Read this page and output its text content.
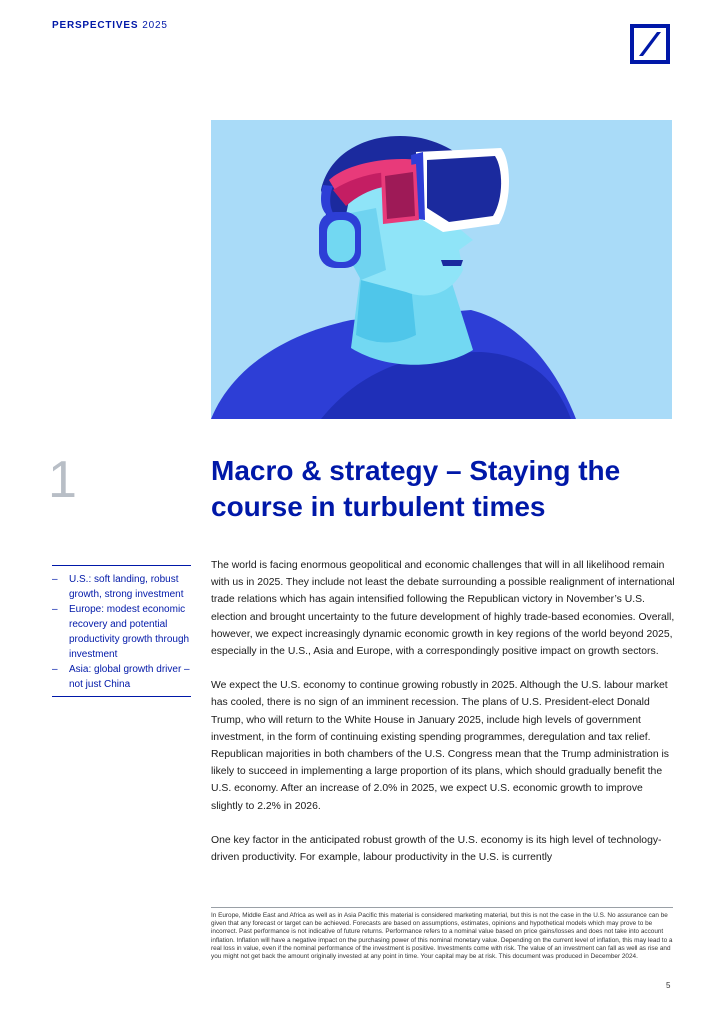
PERSPECTIVES 2025
1	Macro & strategy – Staying the course in turbulent times
– U.S.: soft landing, robust growth, strong investment
– Europe: modest economic recovery and potential productivity growth through investment
– Asia: global growth driver – not just China

The world is facing enormous geopolitical and economic challenges that will in all likelihood remain with us in 2025. They include not least the debate surrounding a possible realignment of international trade relations which has again intensified following the Republican victory in November’s U.S. election and brought uncertainty to the future development of highly trade-based economies. Overall, however, we expect increasingly dynamic economic growth in key regions of the world beyond 2025, especially in the U.S., Asia and Europe, with a correspondingly positive impact on growth sectors.

We expect the U.S. economy to continue growing robustly in 2025. Although the U.S. labour market has cooled, there is no sign of an imminent recession. The plans of U.S. President-elect Donald Trump, who will return to the White House in January 2025, include high levels of government investment, in the form of continuing existing spending programmes, deregulation and tax relief. Republican majorities in both chambers of the U.S. Congress mean that the Trump administration is likely to succeed in implementing a large proportion of its plans, which should gradually benefit the U.S. economy. After an increase of 2.0% in 2025, we expect U.S. economic growth to improve slightly to 2.2% in 2026.

One key factor in the anticipated robust growth of the U.S. economy is its high level of technology-driven productivity. For example, labour productivity in the U.S. is currently

In Europe, Middle East and Africa as well as in Asia Pacific this material is considered marketing material, but this is not the case in the U.S. No assurance can be given that any forecast or target can be achieved. Forecasts are based on assumptions, estimates, opinions and hypothetical models which may prove to be incorrect. Past performance is not indicative of future returns. Performance refers to a nominal value based on price gains/losses and does not take into account inflation. Inflation will have a negative impact on the purchasing power of this nominal monetary value. Depending on the current level of inflation, this may lead to a real loss in value, even if the nominal performance of the investment is positive. Investments come with risk. The value of an investment can fall as well as rise and you might not get back the amount originally invested at any point in time. Your capital may be at risk. This document was produced in December 2024.
5
